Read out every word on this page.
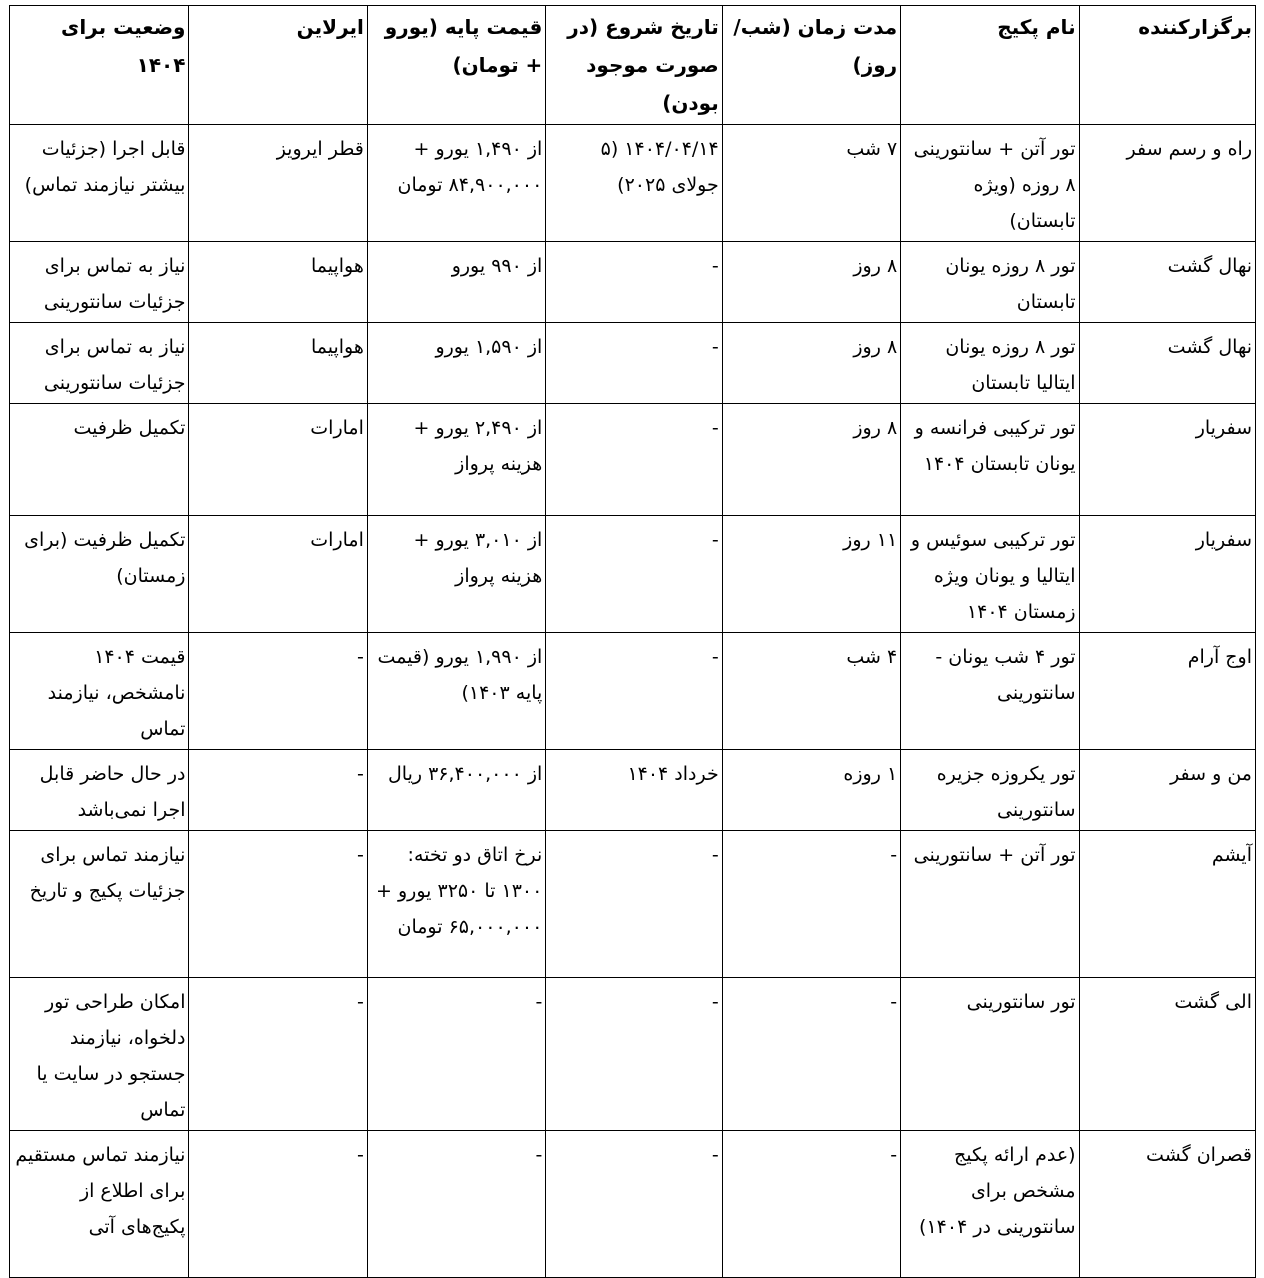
برگزارکننده	نام پکیج	مدت زمان (شب/روز)	تاریخ شروع (در صورت موجود بودن)	قیمت پایه (یورو + تومان)	ایرلاین	وضعیت برای ۱۴۰۴

راه و رسم سفر	تور آتن + سانتورینی ۸ روزه (ویژه تابستان)	۷ شب	۱۴۰۴/۰۴/۱۴ (۵ جولای ۲۰۲۵)	از ۱,۴۹۰ یورو + ۸۴,۹۰۰,۰۰۰ تومان	قطر ایرویز	قابل اجرا (جزئیات بیشتر نیازمند تماس)

نهال گشت	تور ۸ روزه یونان تابستان	۸ روز	-	از ۹۹۰ یورو	هواپیما	نیاز به تماس برای جزئیات سانتورینی

نهال گشت	تور ۸ روزه یونان ایتالیا تابستان	۸ روز	-	از ۱,۵۹۰ یورو	هواپیما	نیاز به تماس برای جزئیات سانتورینی

سفریار	تور ترکیبی فرانسه و یونان تابستان ۱۴۰۴	۸ روز	-	از ۲,۴۹۰ یورو + هزینه پرواز	امارات	تکمیل ظرفیت

سفریار	تور ترکیبی سوئیس و ایتالیا و یونان ویژه زمستان ۱۴۰۴	۱۱ روز	-	از ۳,۰۱۰ یورو + هزینه پرواز	امارات	تکمیل ظرفیت (برای زمستان)

اوج آرام	تور ۴ شب یونان - سانتورینی	۴ شب	-	از ۱,۹۹۰ یورو (قیمت پایه ۱۴۰۳)	-	قیمت ۱۴۰۴ نامشخص، نیازمند تماس

من و سفر	تور یکروزه جزیره سانتورینی	۱ روزه	خرداد ۱۴۰۴	از ۳۶,۴۰۰,۰۰۰ ریال	-	در حال حاضر قابل اجرا نمی‌باشد

آیشم	تور آتن + سانتورینی	-	-	نرخ اتاق دو تخته: ۱۳۰۰ تا ۳۲۵۰ یورو + ۶۵,۰۰۰,۰۰۰ تومان	-	نیازمند تماس برای جزئیات پکیج و تاریخ

الی گشت	تور سانتورینی	-	-	-	-	امکان طراحی تور دلخواه، نیازمند جستجو در سایت یا تماس

قصران گشت	(عدم ارائه پکیج مشخص برای سانتورینی در ۱۴۰۴)	-	-	-	-	نیازمند تماس مستقیم برای اطلاع از پکیج‌های آتی
